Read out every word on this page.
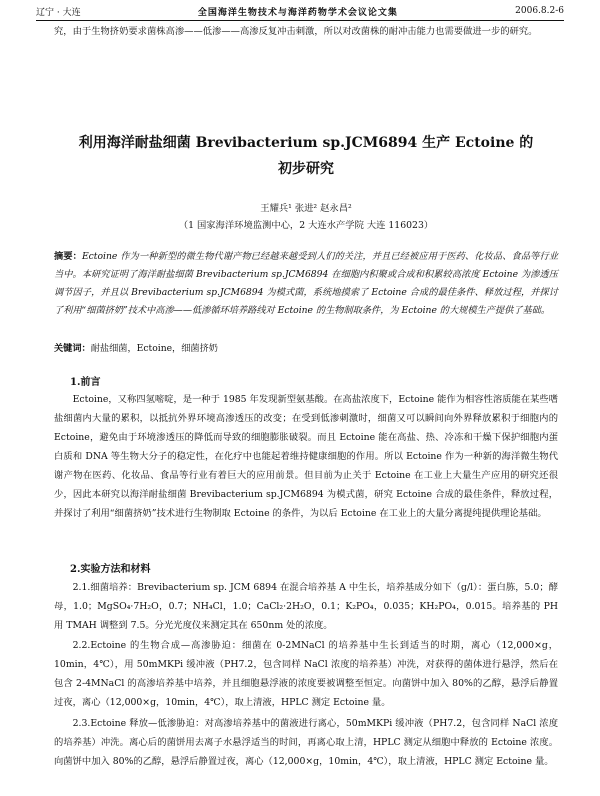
辽宁 · 大连	全国海洋生物技术与海洋药物学术会议论文集	2006.8.2-6
究，由于生物挤奶要求菌株高渗——低渗——高渗反复冲击刺激，所以对改菌株的耐冲击能力也需要做进一步的研究。
利用海洋耐盐细菌 Brevibacterium sp.JCM6894 生产 Ectoine 的
初步研究
王耀兵¹ 张进² 赵永昌²
（1 国家海洋环境监测中心，2 大连水产学院 大连 116023）
摘要：Ectoine 作为一种新型的微生物代谢产物已经越来越受到人们的关注，并且已经被应用于医药、化妆品、食品等行业当中。本研究证明了海洋耐盐细菌 Brevibacterium sp.JCM6894 在细胞内积聚或合成和积累较高浓度 Ectoine 为渗透压调节因子，并且以 Brevibacterium sp.JCM6894 为模式菌，系统地摸索了 Ectoine 合成的最佳条件、释放过程，并探讨了利用“细菌挤奶”技术中高渗——低渗循环培养路线对 Ectoine 的生物制取条件，为 Ectoine 的大规模生产提供了基础。
关键词：耐盐细菌，Ectoine，细菌挤奶
1.前言
Ectoine，又称四氢嘧啶，是一种于 1985 年发现新型氨基酸。在高盐浓度下，Ectoine 能作为相容性溶质能在某些嗜盐细菌内大量的累积，以抵抗外界环境高渗透压的改变；在受到低渗刺激时，细菌又可以瞬间向外界释放累积于细胞内的 Ectoine，避免由于环境渗透压的降低而导致的细胞膨胀破裂。而且 Ectoine 能在高盐、热、冷冻和干燥下保护细胞内蛋白质和 DNA 等生物大分子的稳定性，在化疗中也能起着维持健康细胞的作用。所以 Ectoine 作为一种新的海洋微生物代谢产物在医药、化妆品、食品等行业有着巨大的应用前景。但目前为止关于 Ectoine 在工业上大量生产应用的研究还很少，因此本研究以海洋耐盐细菌 Brevibacterium sp.JCM6894 为模式菌，研究 Ectoine 合成的最佳条件，释放过程，并探讨了利用“细菌挤奶”技术进行生物制取 Ectoine 的条件，为以后 Ectoine 在工业上的大量分离提纯提供理论基础。
2.实验方法和材料
2.1.细菌培养：Brevibacterium sp. JCM 6894 在混合培养基 A 中生长，培养基成分如下（g/l）：蛋白胨，5.0；酵母，1.0；MgSO₄·7H₂O，0.7；NH₄Cl，1.0；CaCl₂·2H₂O，0.1；K₂PO₄，0.035；KH₂PO₄，0.015。培养基的 PH 用 TMAH 调整到 7.5。分光光度仪来测定其在 650nm 处的浓度。
2.2.Ectoine 的生物合成—高渗胁迫：细菌在 0-2MNaCl 的培养基中生长到适当的时期，离心（12,000×g，10min，4℃），用 50mMKPi 缓冲液（PH7.2，包含同样 NaCl 浓度的培养基）冲洗，对获得的菌体进行悬浮，然后在包含 2-4MNaCl 的高渗培养基中培养，并且细胞悬浮液的浓度要被调整至恒定。向菌饼中加入 80%的乙醇，悬浮后静置过夜，离心（12,000×g，10min，4℃），取上清液，HPLC 测定 Ectoine 量。
2.3.Ectoine 释放—低渗胁迫：对高渗培养基中的菌液进行离心，50mMKPi 缓冲液（PH7.2，包含同样 NaCl 浓度的培养基）冲洗。离心后的菌饼用去离子水悬浮适当的时间，再离心取上清，HPLC 测定从细胞中释放的 Ectoine 浓度。向菌饼中加入 80%的乙醇，悬浮后静置过夜，离心（12,000×g，10min，4℃），取上清液，HPLC 测定 Ectoine 量。
